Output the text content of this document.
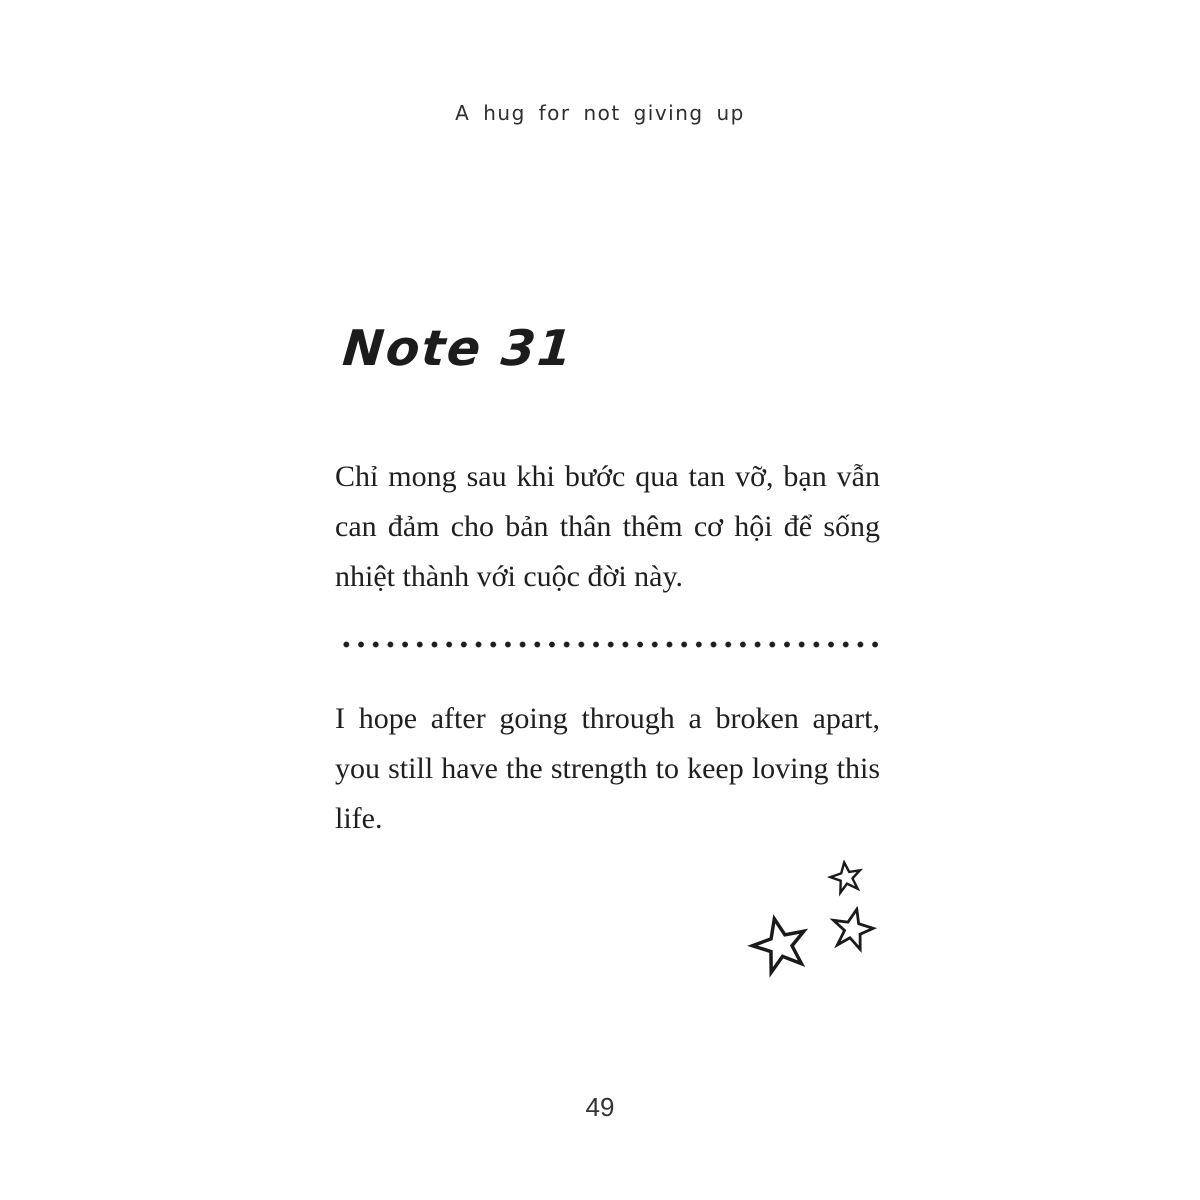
A hug for not giving up
Note 31
Chỉ mong sau khi bước qua tan vỡ, bạn vẫn
can đảm cho bản thân thêm cơ hội để sống
nhiệt thành với cuộc đời này.
I hope after going through a broken apart,
you still have the strength to keep loving this
life.
49
